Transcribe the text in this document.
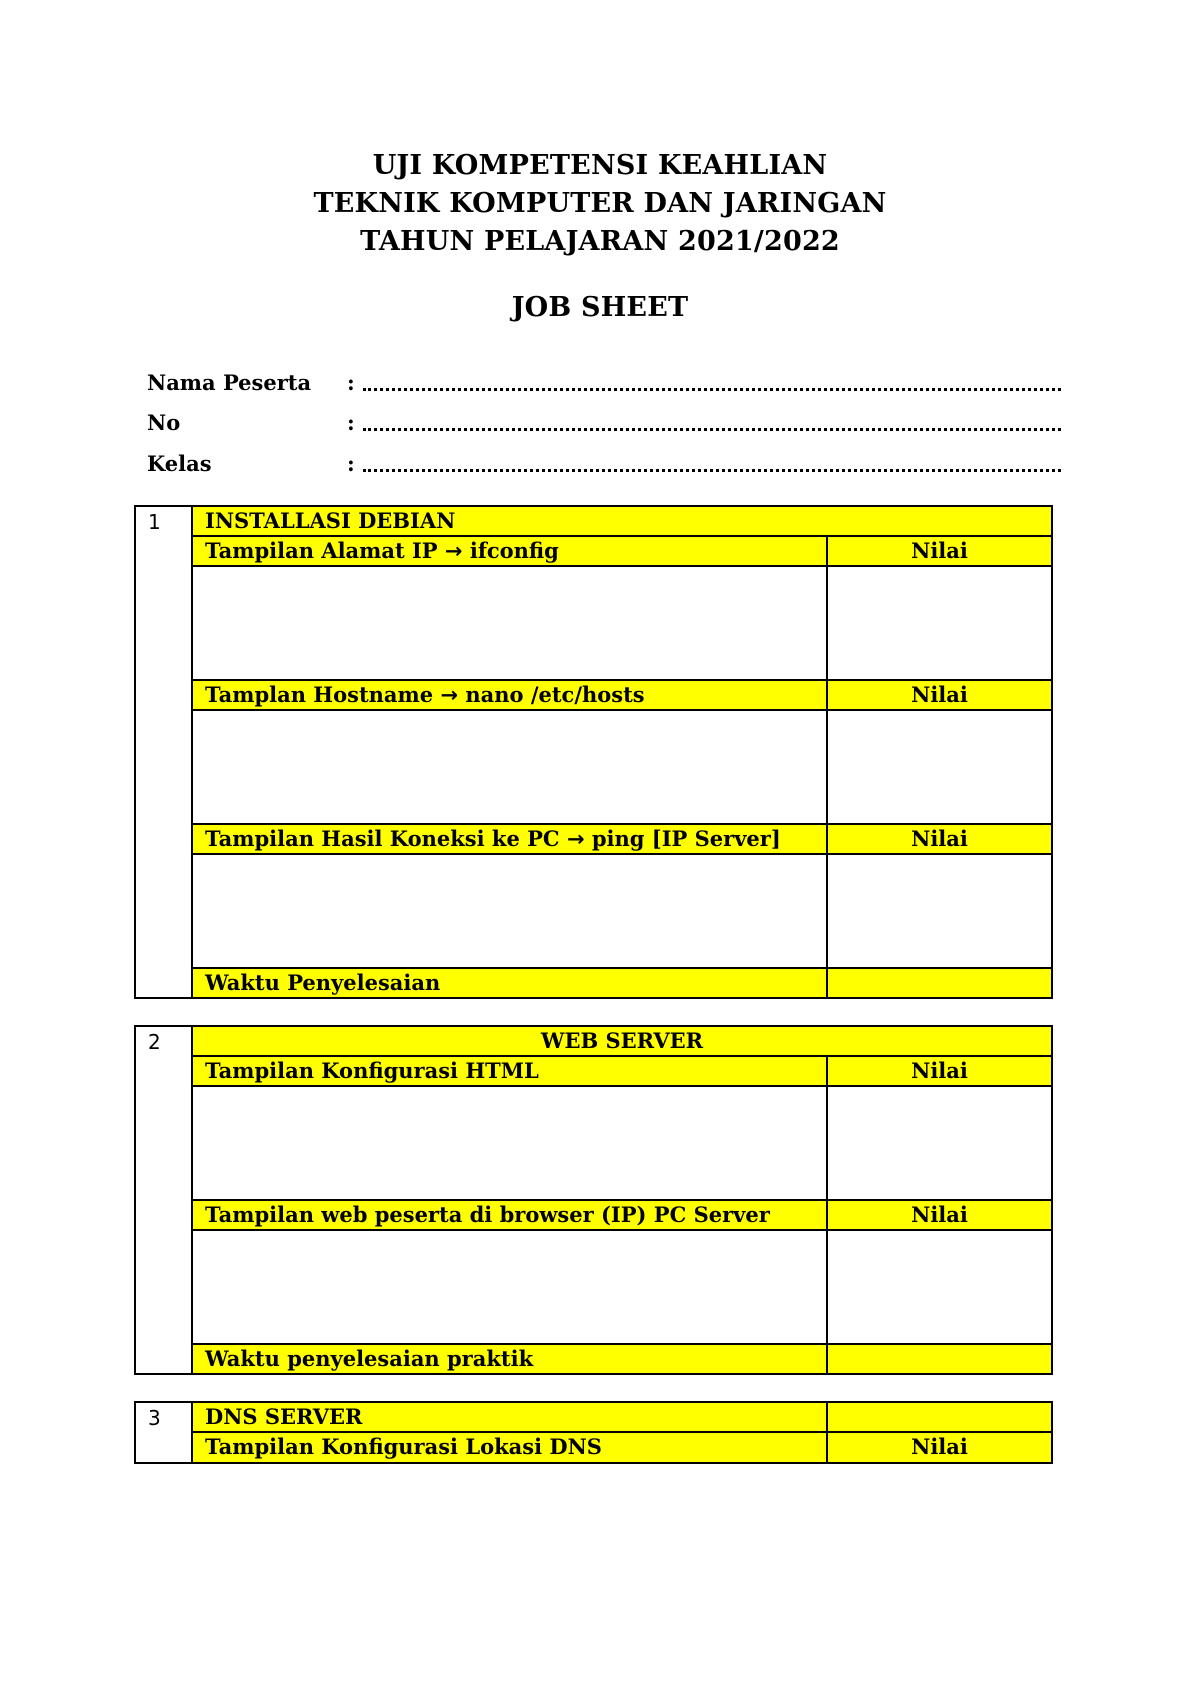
UJI KOMPETENSI KEAHLIAN
TEKNIK KOMPUTER DAN JARINGAN
TAHUN PELAJARAN 2021/2022
JOB SHEET
Nama Peserta :
No	:
Kelas	:
1	INSTALLASI DEBIAN
Tampilan Alamat IP → ifconfig	Nilai
Tamplan Hostname → nano /etc/hosts	Nilai
Tampilan Hasil Koneksi ke PC → ping [IP Server]	Nilai
Waktu Penyelesaian
2	WEB SERVER
Tampilan Konfigurasi HTML	Nilai
Tampilan web peserta di browser (IP) PC Server	Nilai
Waktu penyelesaian praktik
3	DNS SERVER
Tampilan Konfigurasi Lokasi DNS	Nilai
